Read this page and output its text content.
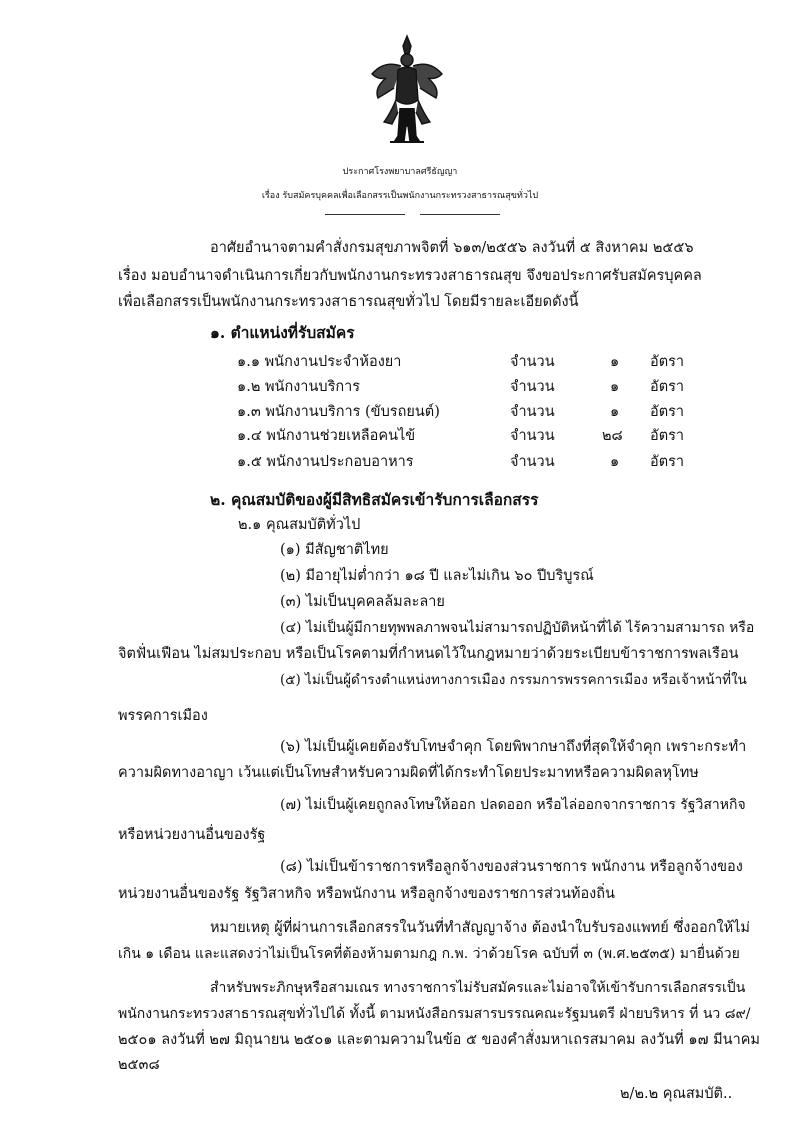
ประกาศโรงพยาบาลศรีธัญญา
เรื่อง รับสมัครบุคคลเพื่อเลือกสรรเป็นพนักงานกระทรวงสาธารณสุขทั่วไป
อาศัยอำนาจตามคำสั่งกรมสุขภาพจิตที่ ๖๑๓/๒๕๕๖ ลงวันที่ ๕ สิงหาคม ๒๕๕๖
เรื่อง มอบอำนาจดำเนินการเกี่ยวกับพนักงานกระทรวงสาธารณสุข จึงขอประกาศรับสมัครบุคคล
เพื่อเลือกสรรเป็นพนักงานกระทรวงสาธารณสุขทั่วไป โดยมีรายละเอียดดังนี้
๑. ตำแหน่งที่รับสมัคร
๑.๑ พนักงานประจำห้องยา	จำนวน	๑ อัตรา
๑.๒ พนักงานบริการ	จำนวน	๑ อัตรา
๑.๓ พนักงานบริการ (ขับรถยนต์)	จำนวน	๑ อัตรา
๑.๔ พนักงานช่วยเหลือคนไข้	จำนวน	๒๘ อัตรา
๑.๕ พนักงานประกอบอาหาร	จำนวน	๑ อัตรา
๒. คุณสมบัติของผู้มีสิทธิสมัครเข้ารับการเลือกสรร
๒.๑ คุณสมบัติทั่วไป
(๑) มีสัญชาติไทย
(๒) มีอายุไม่ต่ำกว่า ๑๘ ปี และไม่เกิน ๖๐ ปีบริบูรณ์
(๓) ไม่เป็นบุคคลล้มละลาย
(๔) ไม่เป็นผู้มีกายทุพพลภาพจนไม่สามารถปฏิบัติหน้าที่ได้ ไร้ความสามารถ หรือ
จิตฟั่นเฟือน ไม่สมประกอบ หรือเป็นโรคตามที่กำหนดไว้ในกฎหมายว่าด้วยระเบียบข้าราชการพลเรือน
(๕) ไม่เป็นผู้ดำรงตำแหน่งทางการเมือง กรรมการพรรคการเมือง หรือเจ้าหน้าที่ใน
พรรคการเมือง
(๖) ไม่เป็นผู้เคยต้องรับโทษจำคุก โดยพิพากษาถึงที่สุดให้จำคุก เพราะกระทำ
ความผิดทางอาญา เว้นแต่เป็นโทษสำหรับความผิดที่ได้กระทำโดยประมาทหรือความผิดลหุโทษ
(๗) ไม่เป็นผู้เคยถูกลงโทษให้ออก ปลดออก หรือไล่ออกจากราชการ รัฐวิสาหกิจ
หรือหน่วยงานอื่นของรัฐ
(๘) ไม่เป็นข้าราชการหรือลูกจ้างของส่วนราชการ พนักงาน หรือลูกจ้างของ
หน่วยงานอื่นของรัฐ รัฐวิสาหกิจ หรือพนักงาน หรือลูกจ้างของราชการส่วนท้องถิ่น
หมายเหตุ ผู้ที่ผ่านการเลือกสรรในวันที่ทำสัญญาจ้าง ต้องนำใบรับรองแพทย์ ซึ่งออกให้ไม่
เกิน ๑ เดือน และแสดงว่าไม่เป็นโรคที่ต้องห้ามตามกฎ ก.พ. ว่าด้วยโรค ฉบับที่ ๓ (พ.ศ.๒๕๓๕) มายื่นด้วย
สำหรับพระภิกษุหรือสามเณร ทางราชการไม่รับสมัครและไม่อาจให้เข้ารับการเลือกสรรเป็น
พนักงานกระทรวงสาธารณสุขทั่วไปได้ ทั้งนี้ ตามหนังสือกรมสารบรรณคณะรัฐมนตรี ฝ่ายบริหาร ที่ นว ๘๙/
๒๕๐๑ ลงวันที่ ๒๗ มิถุนายน ๒๕๐๑ และตามความในข้อ ๕ ของคำสั่งมหาเถรสมาคม ลงวันที่ ๑๗ มีนาคม
๒๕๓๘
๒/๒.๒ คุณสมบัติ..
